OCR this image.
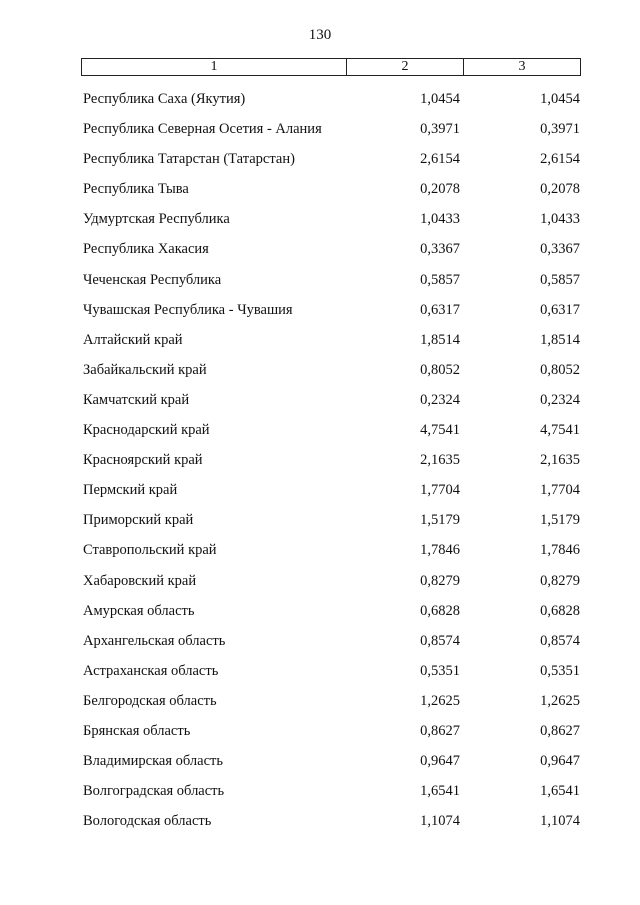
130
1	2	3
Республика Саха (Якутия)	1,0454	1,0454
Республика Северная Осетия - Алания	0,3971	0,3971
Республика Татарстан (Татарстан)	2,6154	2,6154
Республика Тыва	0,2078	0,2078
Удмуртская Республика	1,0433	1,0433
Республика Хакасия	0,3367	0,3367
Чеченская Республика	0,5857	0,5857
Чувашская Республика - Чувашия	0,6317	0,6317
Алтайский край	1,8514	1,8514
Забайкальский край	0,8052	0,8052
Камчатский край	0,2324	0,2324
Краснодарский край	4,7541	4,7541
Красноярский край	2,1635	2,1635
Пермский край	1,7704	1,7704
Приморский край	1,5179	1,5179
Ставропольский край	1,7846	1,7846
Хабаровский край	0,8279	0,8279
Амурская область	0,6828	0,6828
Архангельская область	0,8574	0,8574
Астраханская область	0,5351	0,5351
Белгородская область	1,2625	1,2625
Брянская область	0,8627	0,8627
Владимирская область	0,9647	0,9647
Волгоградская область	1,6541	1,6541
Вологодская область	1,1074	1,1074
